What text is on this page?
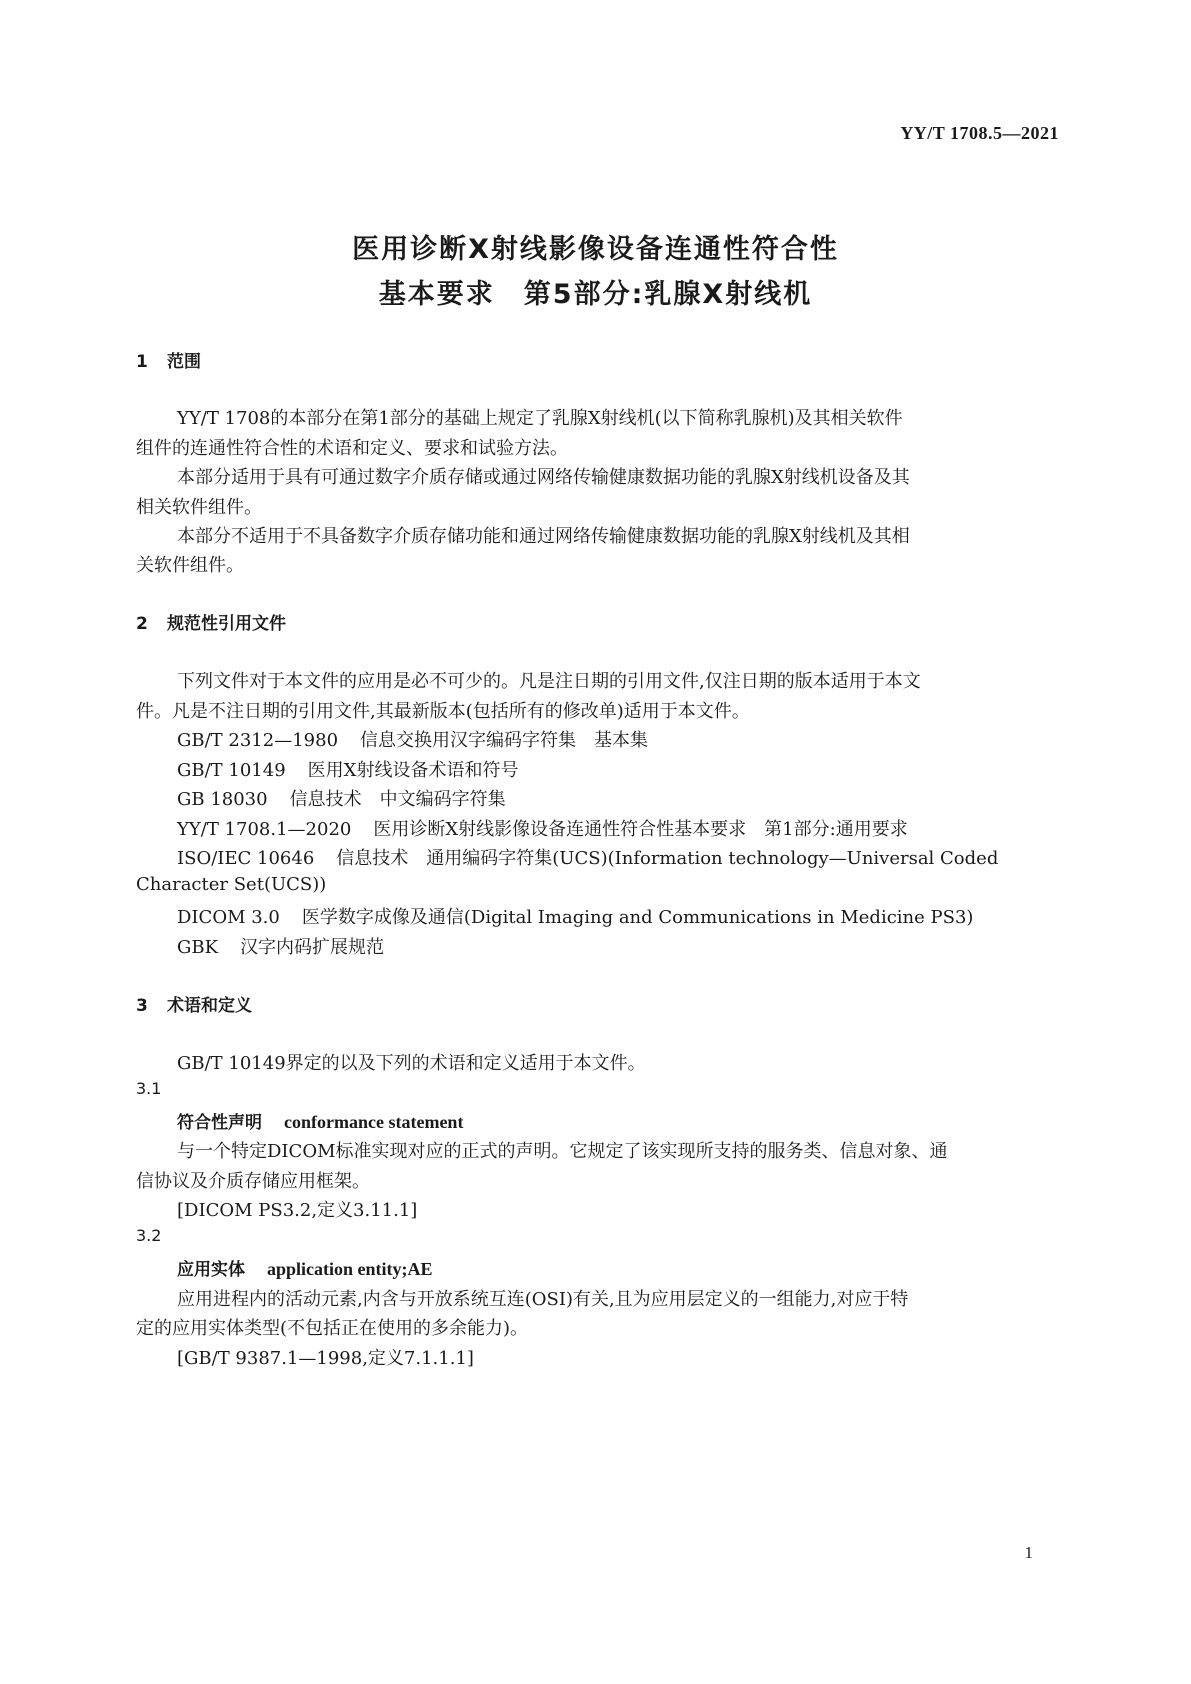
YY/T 1708.5—2021
医用诊断X射线影像设备连通性符合性
基本要求　第5部分:乳腺X射线机
1 范围
YY/T 1708的本部分在第1部分的基础上规定了乳腺X射线机(以下简称乳腺机)及其相关软件
组件的连通性符合性的术语和定义、要求和试验方法。
本部分适用于具有可通过数字介质存储或通过网络传输健康数据功能的乳腺X射线机设备及其
相关软件组件。
本部分不适用于不具备数字介质存储功能和通过网络传输健康数据功能的乳腺X射线机及其相
关软件组件。
2 规范性引用文件
下列文件对于本文件的应用是必不可少的。凡是注日期的引用文件,仅注日期的版本适用于本文
件。凡是不注日期的引用文件,其最新版本(包括所有的修改单)适用于本文件。
GB/T 2312—1980 信息交换用汉字编码字符集　基本集
GB/T 10149 医用X射线设备术语和符号
GB 18030 信息技术　中文编码字符集
YY/T 1708.1—2020 医用诊断X射线影像设备连通性符合性基本要求　第1部分:通用要求
ISO/IEC 10646 信息技术　通用编码字符集(UCS)(Information technology—Universal Coded
Character Set(UCS))
DICOM 3.0 医学数字成像及通信(Digital Imaging and Communications in Medicine PS3)
GBK 汉字内码扩展规范
3 术语和定义
GB/T 10149界定的以及下列的术语和定义适用于本文件。
3.1
符合性声明 conformance statement
与一个特定DICOM标准实现对应的正式的声明。它规定了该实现所支持的服务类、信息对象、通
信协议及介质存储应用框架。
[DICOM PS3.2,定义3.11.1]
3.2
应用实体 application entity;AE
应用进程内的活动元素,内含与开放系统互连(OSI)有关,且为应用层定义的一组能力,对应于特
定的应用实体类型(不包括正在使用的多余能力)。
[GB/T 9387.1—1998,定义7.1.1.1]
1
